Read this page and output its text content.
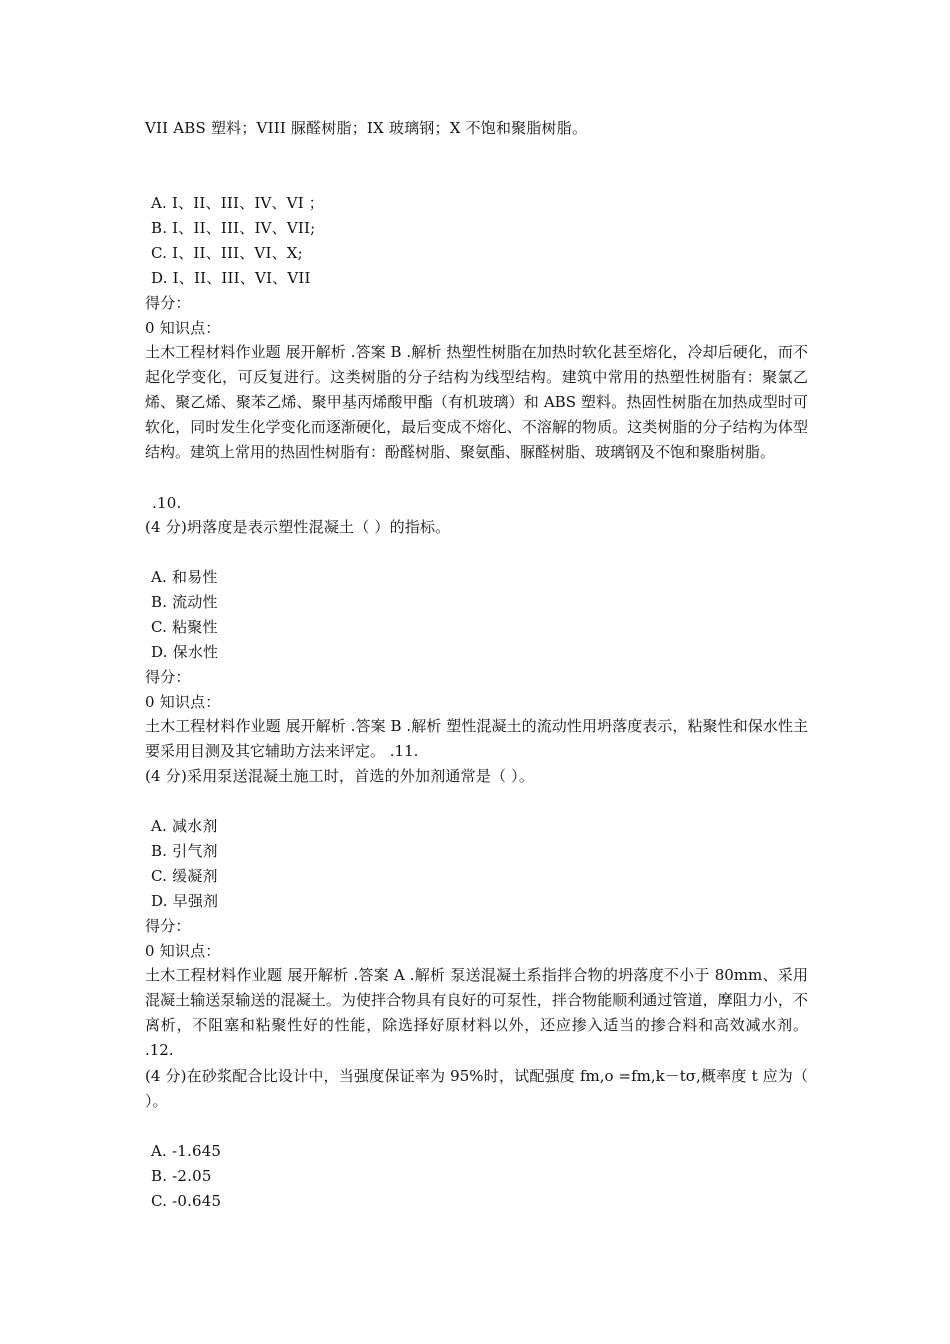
VII ABS 塑料；VIII 脲醛树脂；IX 玻璃钢；X 不饱和聚脂树脂。
A. I、II、III、IV、VI ；
B. I、II、III、IV、VII;
C. I、II、III、VI、X;
D. I、II、III、VI、VII
得分：
0 知识点：
土木工程材料作业题 展开解析 .答案 B .解析 热塑性树脂在加热时软化甚至熔化，冷却后硬化，而不起化学变化，可反复进行。这类树脂的分子结构为线型结构。建筑中常用的热塑性树脂有：聚氯乙烯、聚乙烯、聚苯乙烯、聚甲基丙烯酸甲酯（有机玻璃）和 ABS 塑料。热固性树脂在加热成型时可软化，同时发生化学变化而逐渐硬化，最后变成不熔化、不溶解的物质。这类树脂的分子结构为体型结构。建筑上常用的热固性树脂有：酚醛树脂、聚氨酯、脲醛树脂、玻璃钢及不饱和聚脂树脂。
.10.
(4 分)坍落度是表示塑性混凝土（ ）的指标。
A. 和易性
B. 流动性
C. 粘聚性
D. 保水性
得分：
0 知识点：
土木工程材料作业题 展开解析 .答案 B .解析 塑性混凝土的流动性用坍落度表示，粘聚性和保水性主要采用目测及其它辅助方法来评定。 .11.
(4 分)采用泵送混凝土施工时，首选的外加剂通常是（ ）。
A. 减水剂
B. 引气剂
C. 缓凝剂
D. 早强剂
得分：
0 知识点：
土木工程材料作业题 展开解析 .答案 A .解析 泵送混凝土系指拌合物的坍落度不小于 80mm、采用混凝土输送泵输送的混凝土。为使拌合物具有良好的可泵性，拌合物能顺利通过管道，摩阻力小，不离析，不阻塞和粘聚性好的性能，除选择好原材料以外，还应掺入适当的掺合料和高效减水剂。 .12.
(4 分)在砂浆配合比设计中，当强度保证率为 95%时，试配强度 fm,o =fm,k－tσ,概率度 t 应为（ ）。
A. -1.645
B. -2.05
C. -0.645
